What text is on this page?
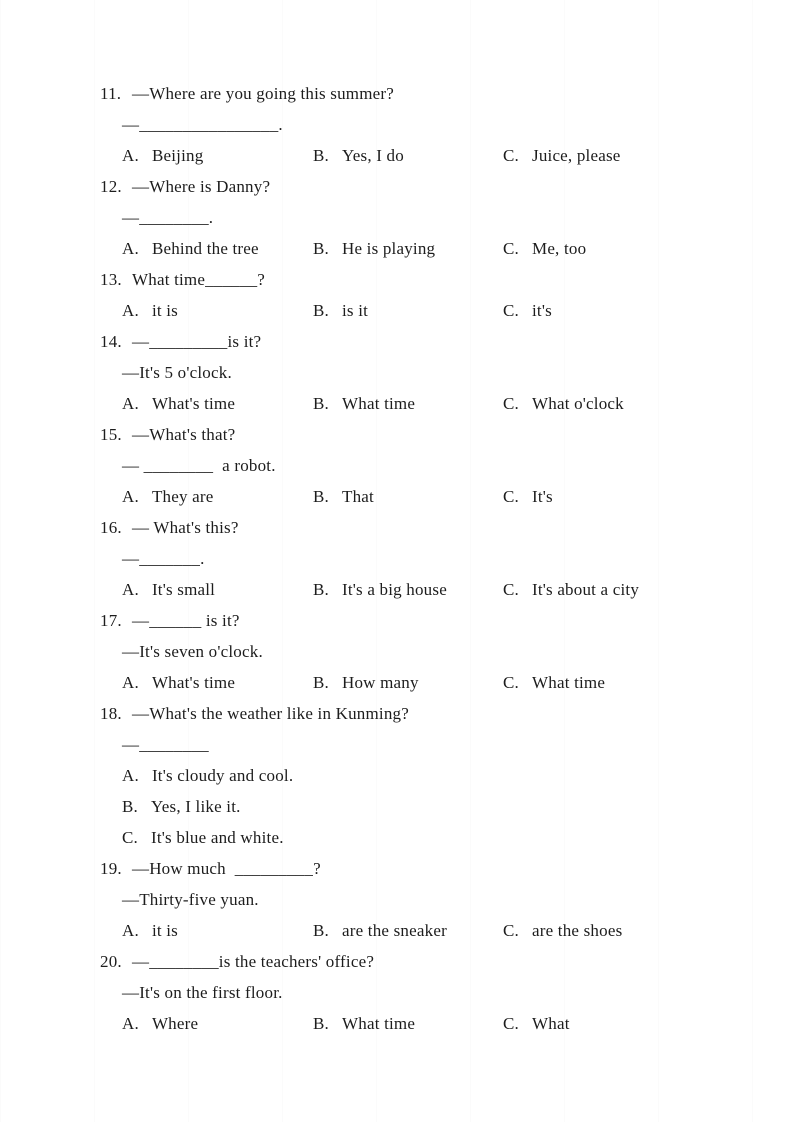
11. —Where are you going this summer?
—________________.
A. Beijing	B. Yes, I do	C. Juice, please
12. —Where is Danny?
—________.
A. Behind the tree	B. He is playing	C. Me, too
13. What time______?
A. it is	B. is it	C. it's
14. —_________is it?
—It's 5 o'clock.
A. What's time	B. What time	C. What o'clock
15. —What's that?
— ________  a robot.
A. They are	B. That	C. It's
16. — What's this?
—_______.
A. It's small	B. It's a big house	C. It's about a city
17. —______ is it?
—It's seven o'clock.
A. What's time	B. How many	C. What time
18. —What's the weather like in Kunming?
—________
A. It's cloudy and cool.
B. Yes, I like it.
C. It's blue and white.
19. —How much  _________?
—Thirty-five yuan.
A. it is	B. are the sneaker	C. are the shoes
20. —________is the teachers' office?
—It's on the first floor.
A. Where	B. What time	C. What
